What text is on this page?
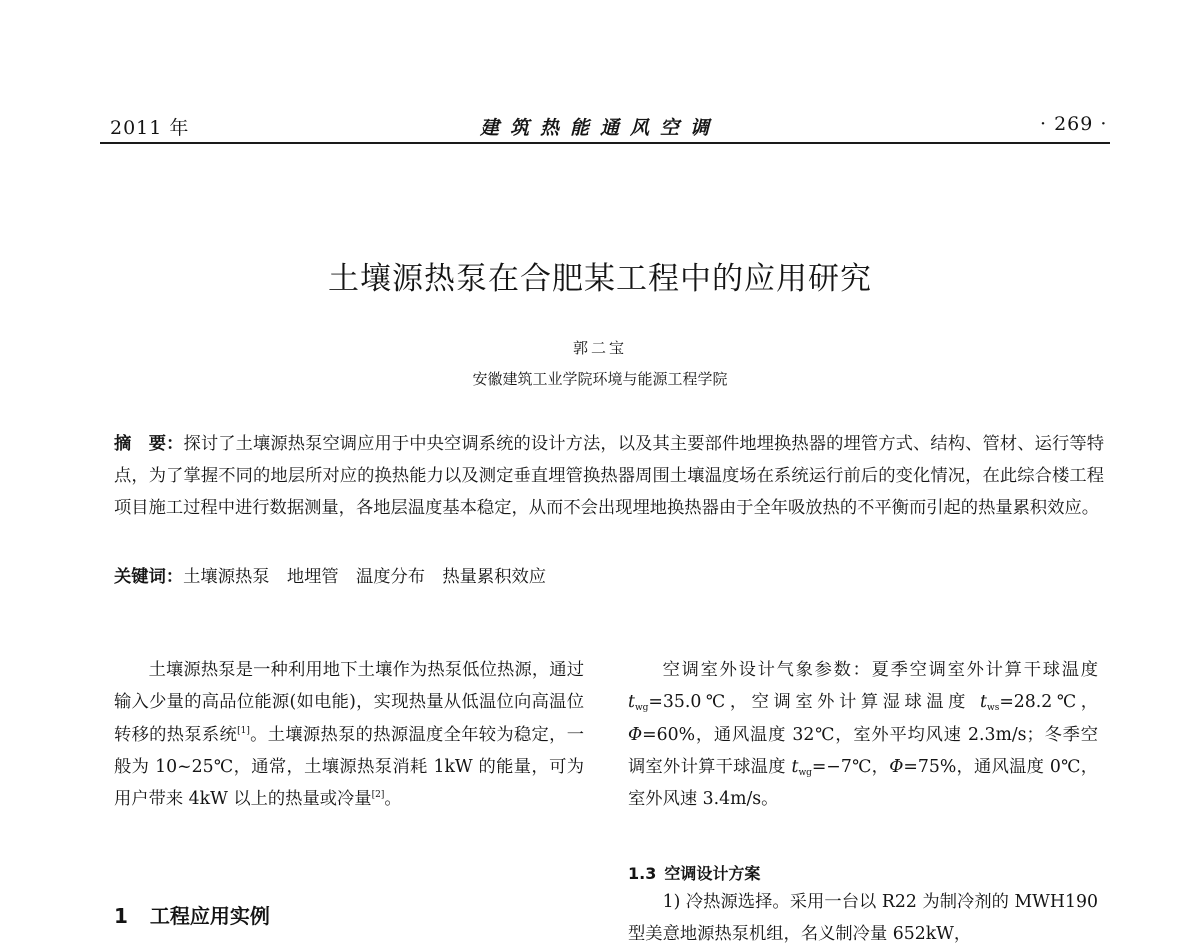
2011 年	建筑热能通风空调	· 269 ·
土壤源热泵在合肥某工程中的应用研究
郭二宝
安徽建筑工业学院环境与能源工程学院
摘　要：探讨了土壤源热泵空调应用于中央空调系统的设计方法，以及其主要部件地埋换热器的埋管方式、结构、管材、运行等特点，为了掌握不同的地层所对应的换热能力以及测定垂直埋管换热器周围土壤温度场在系统运行前后的变化情况，在此综合楼工程项目施工过程中进行数据测量，各地层温度基本稳定，从而不会出现埋地换热器由于全年吸放热的不平衡而引起的热量累积效应。
关键词：土壤源热泵　地埋管　温度分布　热量累积效应

土壤源热泵是一种利用地下土壤作为热泵低位热源，通过输入少量的高品位能源(如电能)，实现热量从低温位向高温位转移的热泵系统[1]。土壤源热泵的热源温度全年较为稳定，一般为 10~25℃，通常，土壤源热泵消耗 1kW 的能量，可为用户带来 4kW 以上的热量或冷量[2]。

1 工程应用实例

空调室外设计气象参数：夏季空调室外计算干球温度 $t_{wg}=35.0℃$，空调室外计算湿球温度 $t_{ws}=28.2℃$，Φ=60%，通风温度 32℃，室外平均风速 2.3m/s；冬季空调室外计算干球温度 $t_{wg}=-7℃$，Φ=75%，通风温度 0℃，室外风速 3.4m/s。

1.3 空调设计方案

1) 冷热源选择。采用一台以 R22 为制冷剂的 MWH190 型美意地源热泵机组，名义制冷量 652kW，
